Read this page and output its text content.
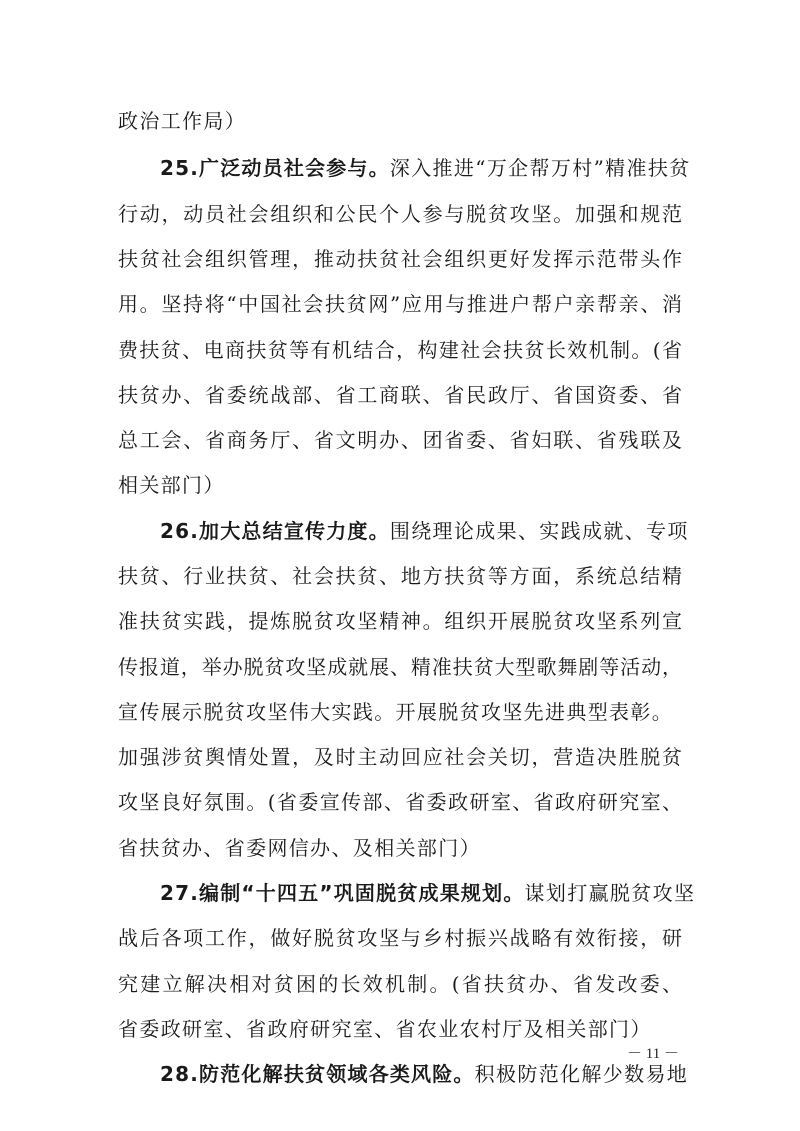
政治工作局）
25.广泛动员社会参与。深入推进“万企帮万村”精准扶贫
行动，动员社会组织和公民个人参与脱贫攻坚。加强和规范
扶贫社会组织管理，推动扶贫社会组织更好发挥示范带头作
用。坚持将“中国社会扶贫网”应用与推进户帮户亲帮亲、消
费扶贫、电商扶贫等有机结合，构建社会扶贫长效机制。(省
扶贫办、省委统战部、省工商联、省民政厅、省国资委、省
总工会、省商务厅、省文明办、团省委、省妇联、省残联及
相关部门）
26.加大总结宣传力度。围绕理论成果、实践成就、专项
扶贫、行业扶贫、社会扶贫、地方扶贫等方面，系统总结精
准扶贫实践，提炼脱贫攻坚精神。组织开展脱贫攻坚系列宣
传报道，举办脱贫攻坚成就展、精准扶贫大型歌舞剧等活动，
宣传展示脱贫攻坚伟大实践。开展脱贫攻坚先进典型表彰。
加强涉贫舆情处置，及时主动回应社会关切，营造决胜脱贫
攻坚良好氛围。(省委宣传部、省委政研室、省政府研究室、
省扶贫办、省委网信办、及相关部门）
27.编制“十四五”巩固脱贫成果规划。谋划打赢脱贫攻坚
战后各项工作，做好脱贫攻坚与乡村振兴战略有效衔接，研
究建立解决相对贫困的长效机制。(省扶贫办、省发改委、
省委政研室、省政府研究室、省农业农村厅及相关部门）
28.防范化解扶贫领域各类风险。积极防范化解少数易地
－ 11 －
